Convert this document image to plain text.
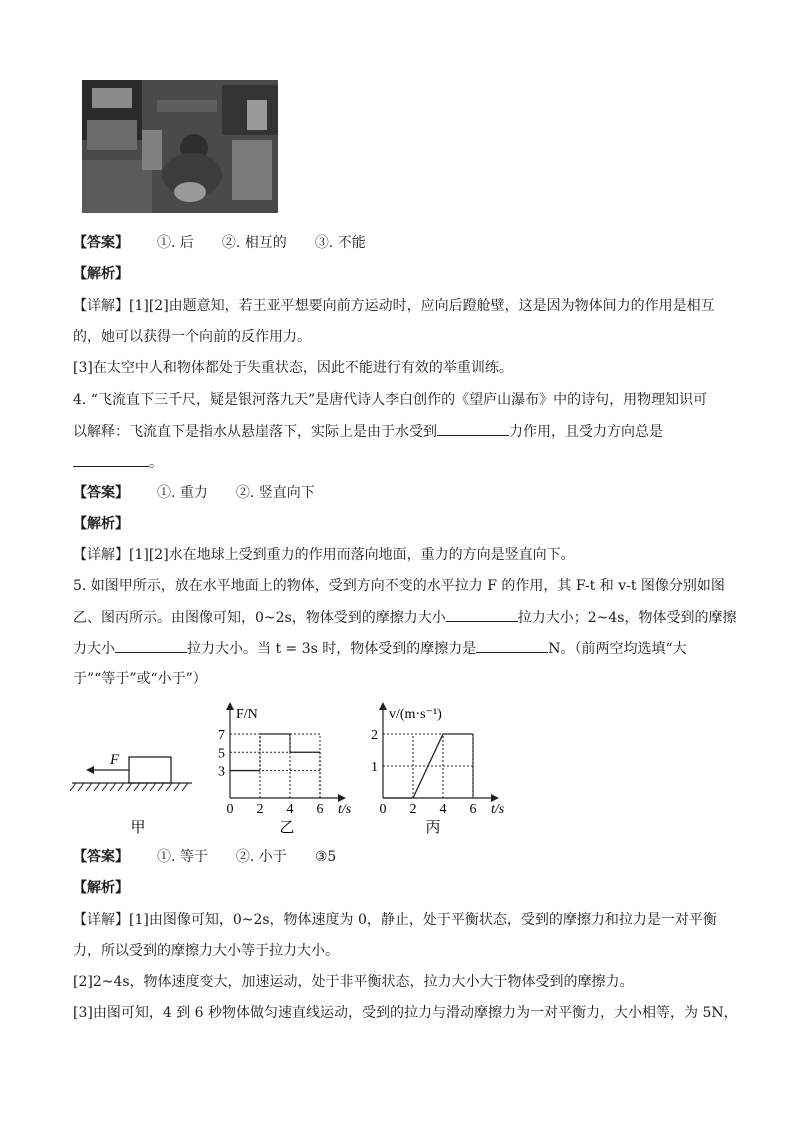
【答案】 ①. 后 ②. 相互的 ③. 不能
【解析】
【详解】[1][2]由题意知，若王亚平想要向前方运动时，应向后蹬舱壁，这是因为物体间力的作用是相互
的，她可以获得一个向前的反作用力。
[3]在太空中人和物体都处于失重状态，因此不能进行有效的举重训练。
4. “飞流直下三千尺，疑是银河落九天”是唐代诗人李白创作的《望庐山瀑布》中的诗句，用物理知识可
以解释：飞流直下是指水从悬崖落下，实际上是由于水受到	力作用，且受力方向总是
。
【答案】 ①. 重力 ②. 竖直向下
【解析】
【详解】[1][2]水在地球上受到重力的作用而落向地面，重力的方向是竖直向下。
5. 如图甲所示，放在水平地面上的物体，受到方向不变的水平拉力 F 的作用，其 F-t 和 v-t 图像分别如图
乙、图丙所示。由图像可知，0~2s，物体受到的摩擦力大小	拉力大小；2~4s，物体受到的摩擦
力大小	拉力大小。当 t = 3s 时，物体受到的摩擦力是	N。（前两空均选填“大
于”“等于”或“小于”）
F
甲
F/N
t/s
3
5
7
0 2 4 6
乙
v/(m·s⁻¹)
t/s
1
2
0 2 4 6
丙
【答案】 ①. 等于 ②. 小于 ③5
【解析】
【详解】[1]由图像可知，0~2s，物体速度为 0，静止，处于平衡状态，受到的摩擦力和拉力是一对平衡
力，所以受到的摩擦力大小等于拉力大小。
[2]2~4s，物体速度变大，加速运动，处于非平衡状态，拉力大小大于物体受到的摩擦力。
[3]由图可知，4 到 6 秒物体做匀速直线运动，受到的拉力与滑动摩擦力为一对平衡力，大小相等，为 5N，
